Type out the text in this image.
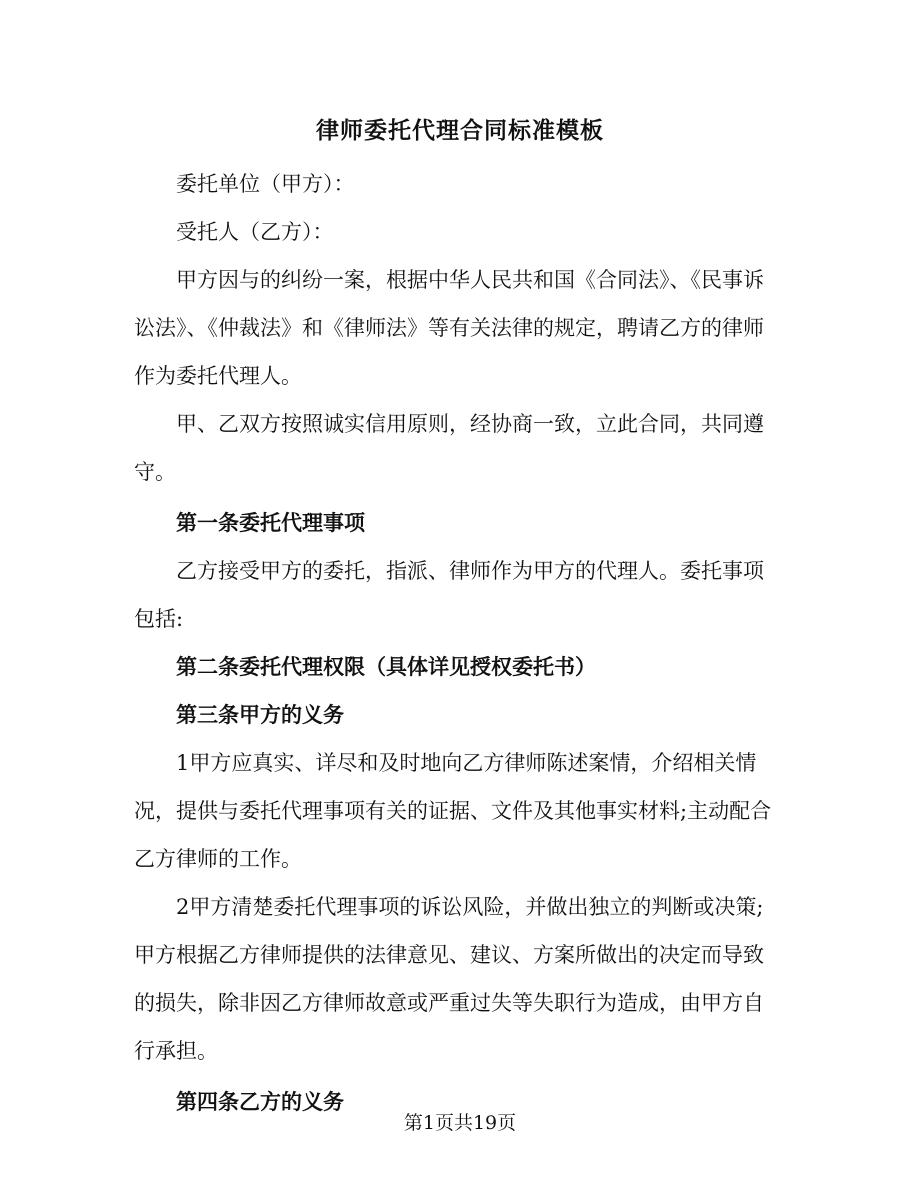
律师委托代理合同标准模板

委托单位（甲方）：

受托人（乙方）：

甲方因与的纠纷一案，根据中华人民共和国《合同法》、《民事诉讼法》、《仲裁法》和《律师法》等有关法律的规定，聘请乙方的律师作为委托代理人。

甲、乙双方按照诚实信用原则，经协商一致，立此合同，共同遵守。

第一条委托代理事项

乙方接受甲方的委托，指派、律师作为甲方的代理人。委托事项包括:

第二条委托代理权限（具体详见授权委托书）

第三条甲方的义务

1甲方应真实、详尽和及时地向乙方律师陈述案情，介绍相关情况，提供与委托代理事项有关的证据、文件及其他事实材料;主动配合乙方律师的工作。

2甲方清楚委托代理事项的诉讼风险，并做出独立的判断或决策;甲方根据乙方律师提供的法律意见、建议、方案所做出的决定而导致的损失，除非因乙方律师故意或严重过失等失职行为造成，由甲方自行承担。

第四条乙方的义务

第1页共19页
